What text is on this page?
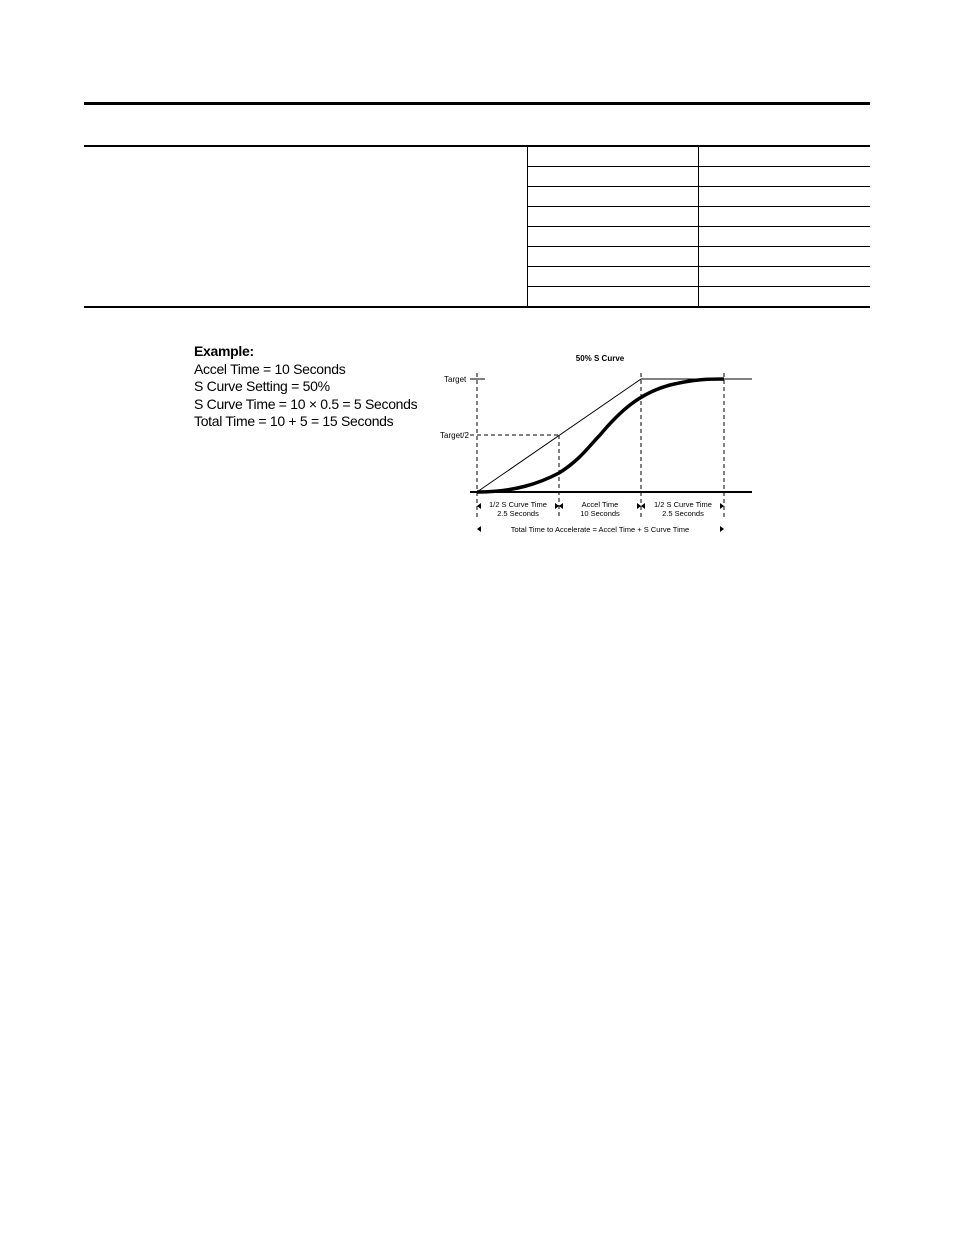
Example:
Accel Time = 10 Seconds
S Curve Setting = 50%
S Curve Time = 10 × 0.5 = 5 Seconds
Total Time = 10 + 5 = 15 Seconds
50% S Curve
Target
Target/2
1/2 S Curve Time
2.5 Seconds
Accel Time
10 Seconds
1/2 S Curve Time
2.5 Seconds
Total Time to Accelerate = Accel Time + S Curve Time
